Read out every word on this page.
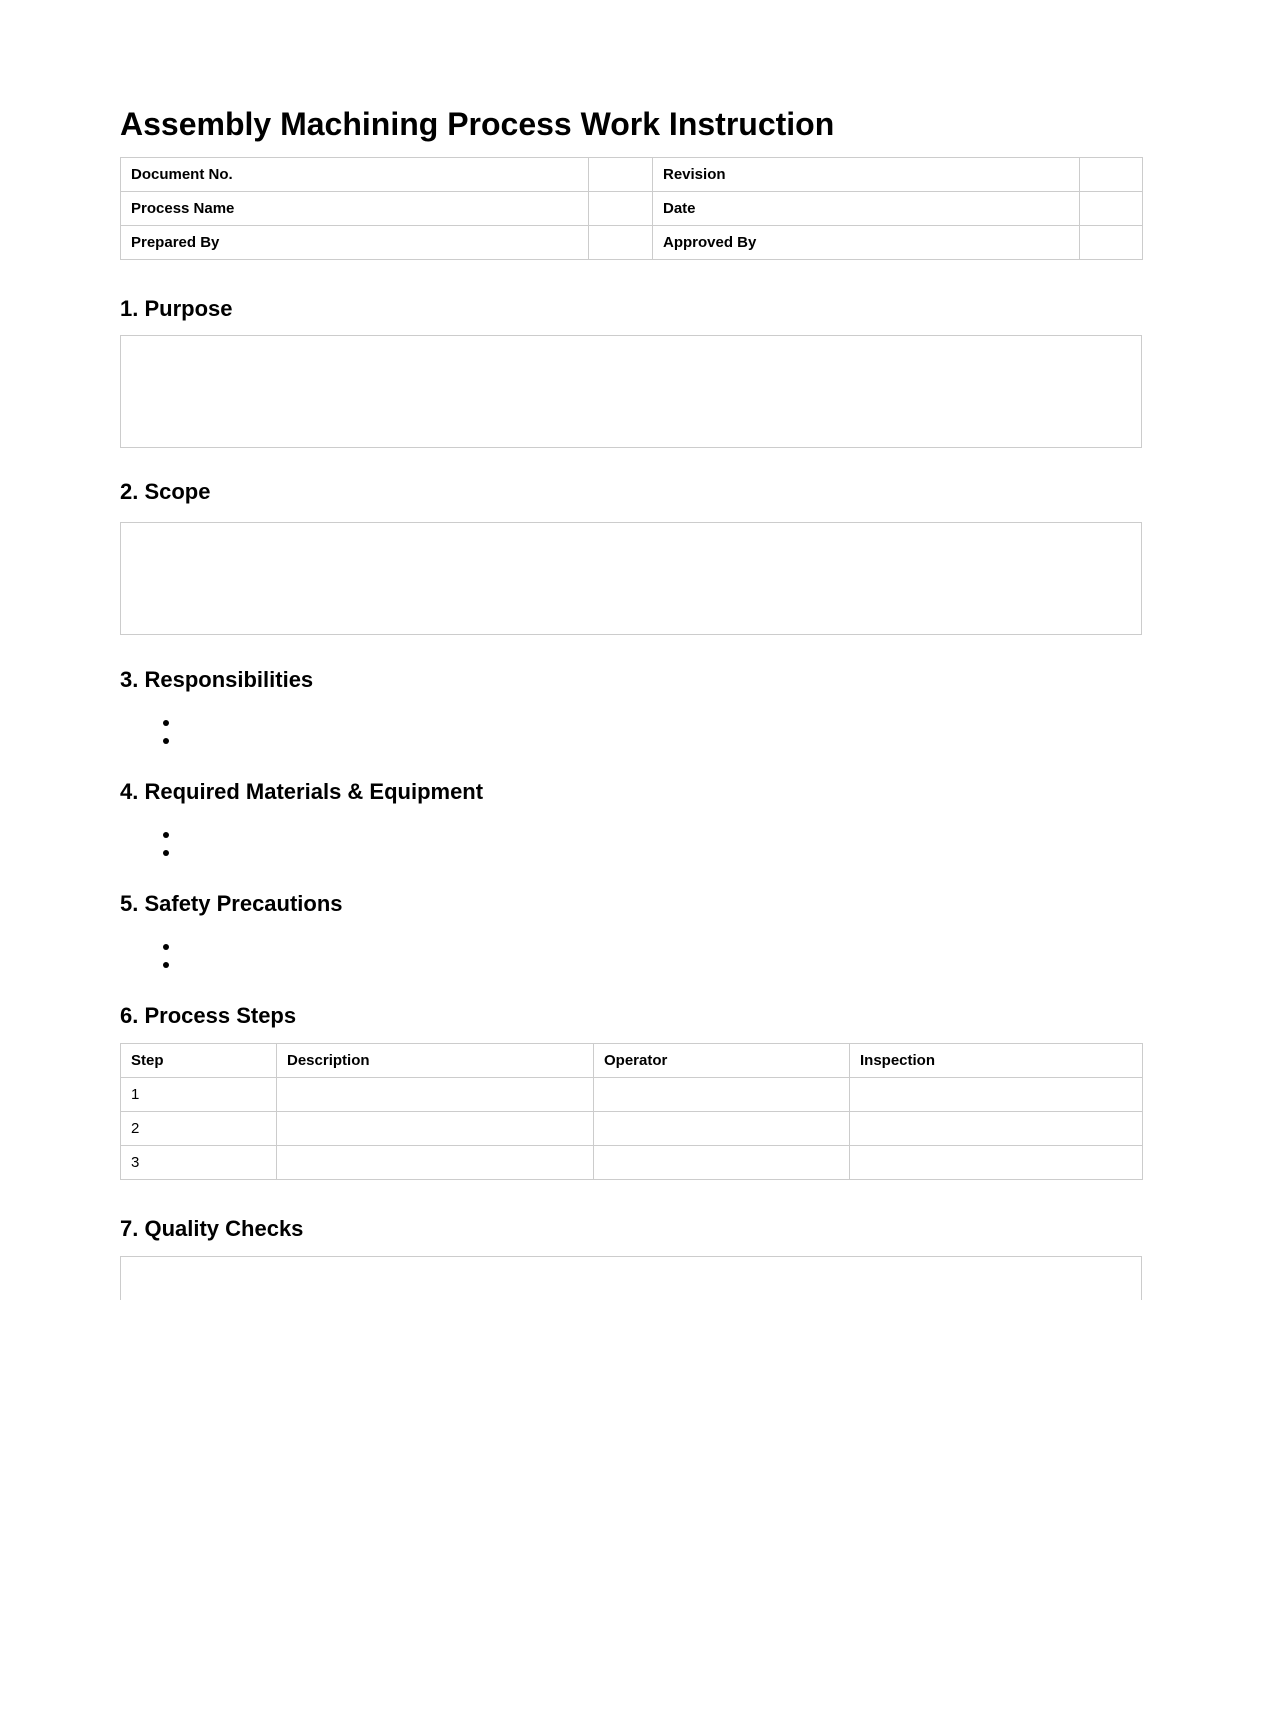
Assembly Machining Process Work Instruction
Document No.		Revision	
Process Name		Date	
Prepared By		Approved By	
1. Purpose
2. Scope
3. Responsibilities
4. Required Materials & Equipment
5. Safety Precautions
6. Process Steps
Step	Description	Operator	Inspection
1			
2			
3			
7. Quality Checks
